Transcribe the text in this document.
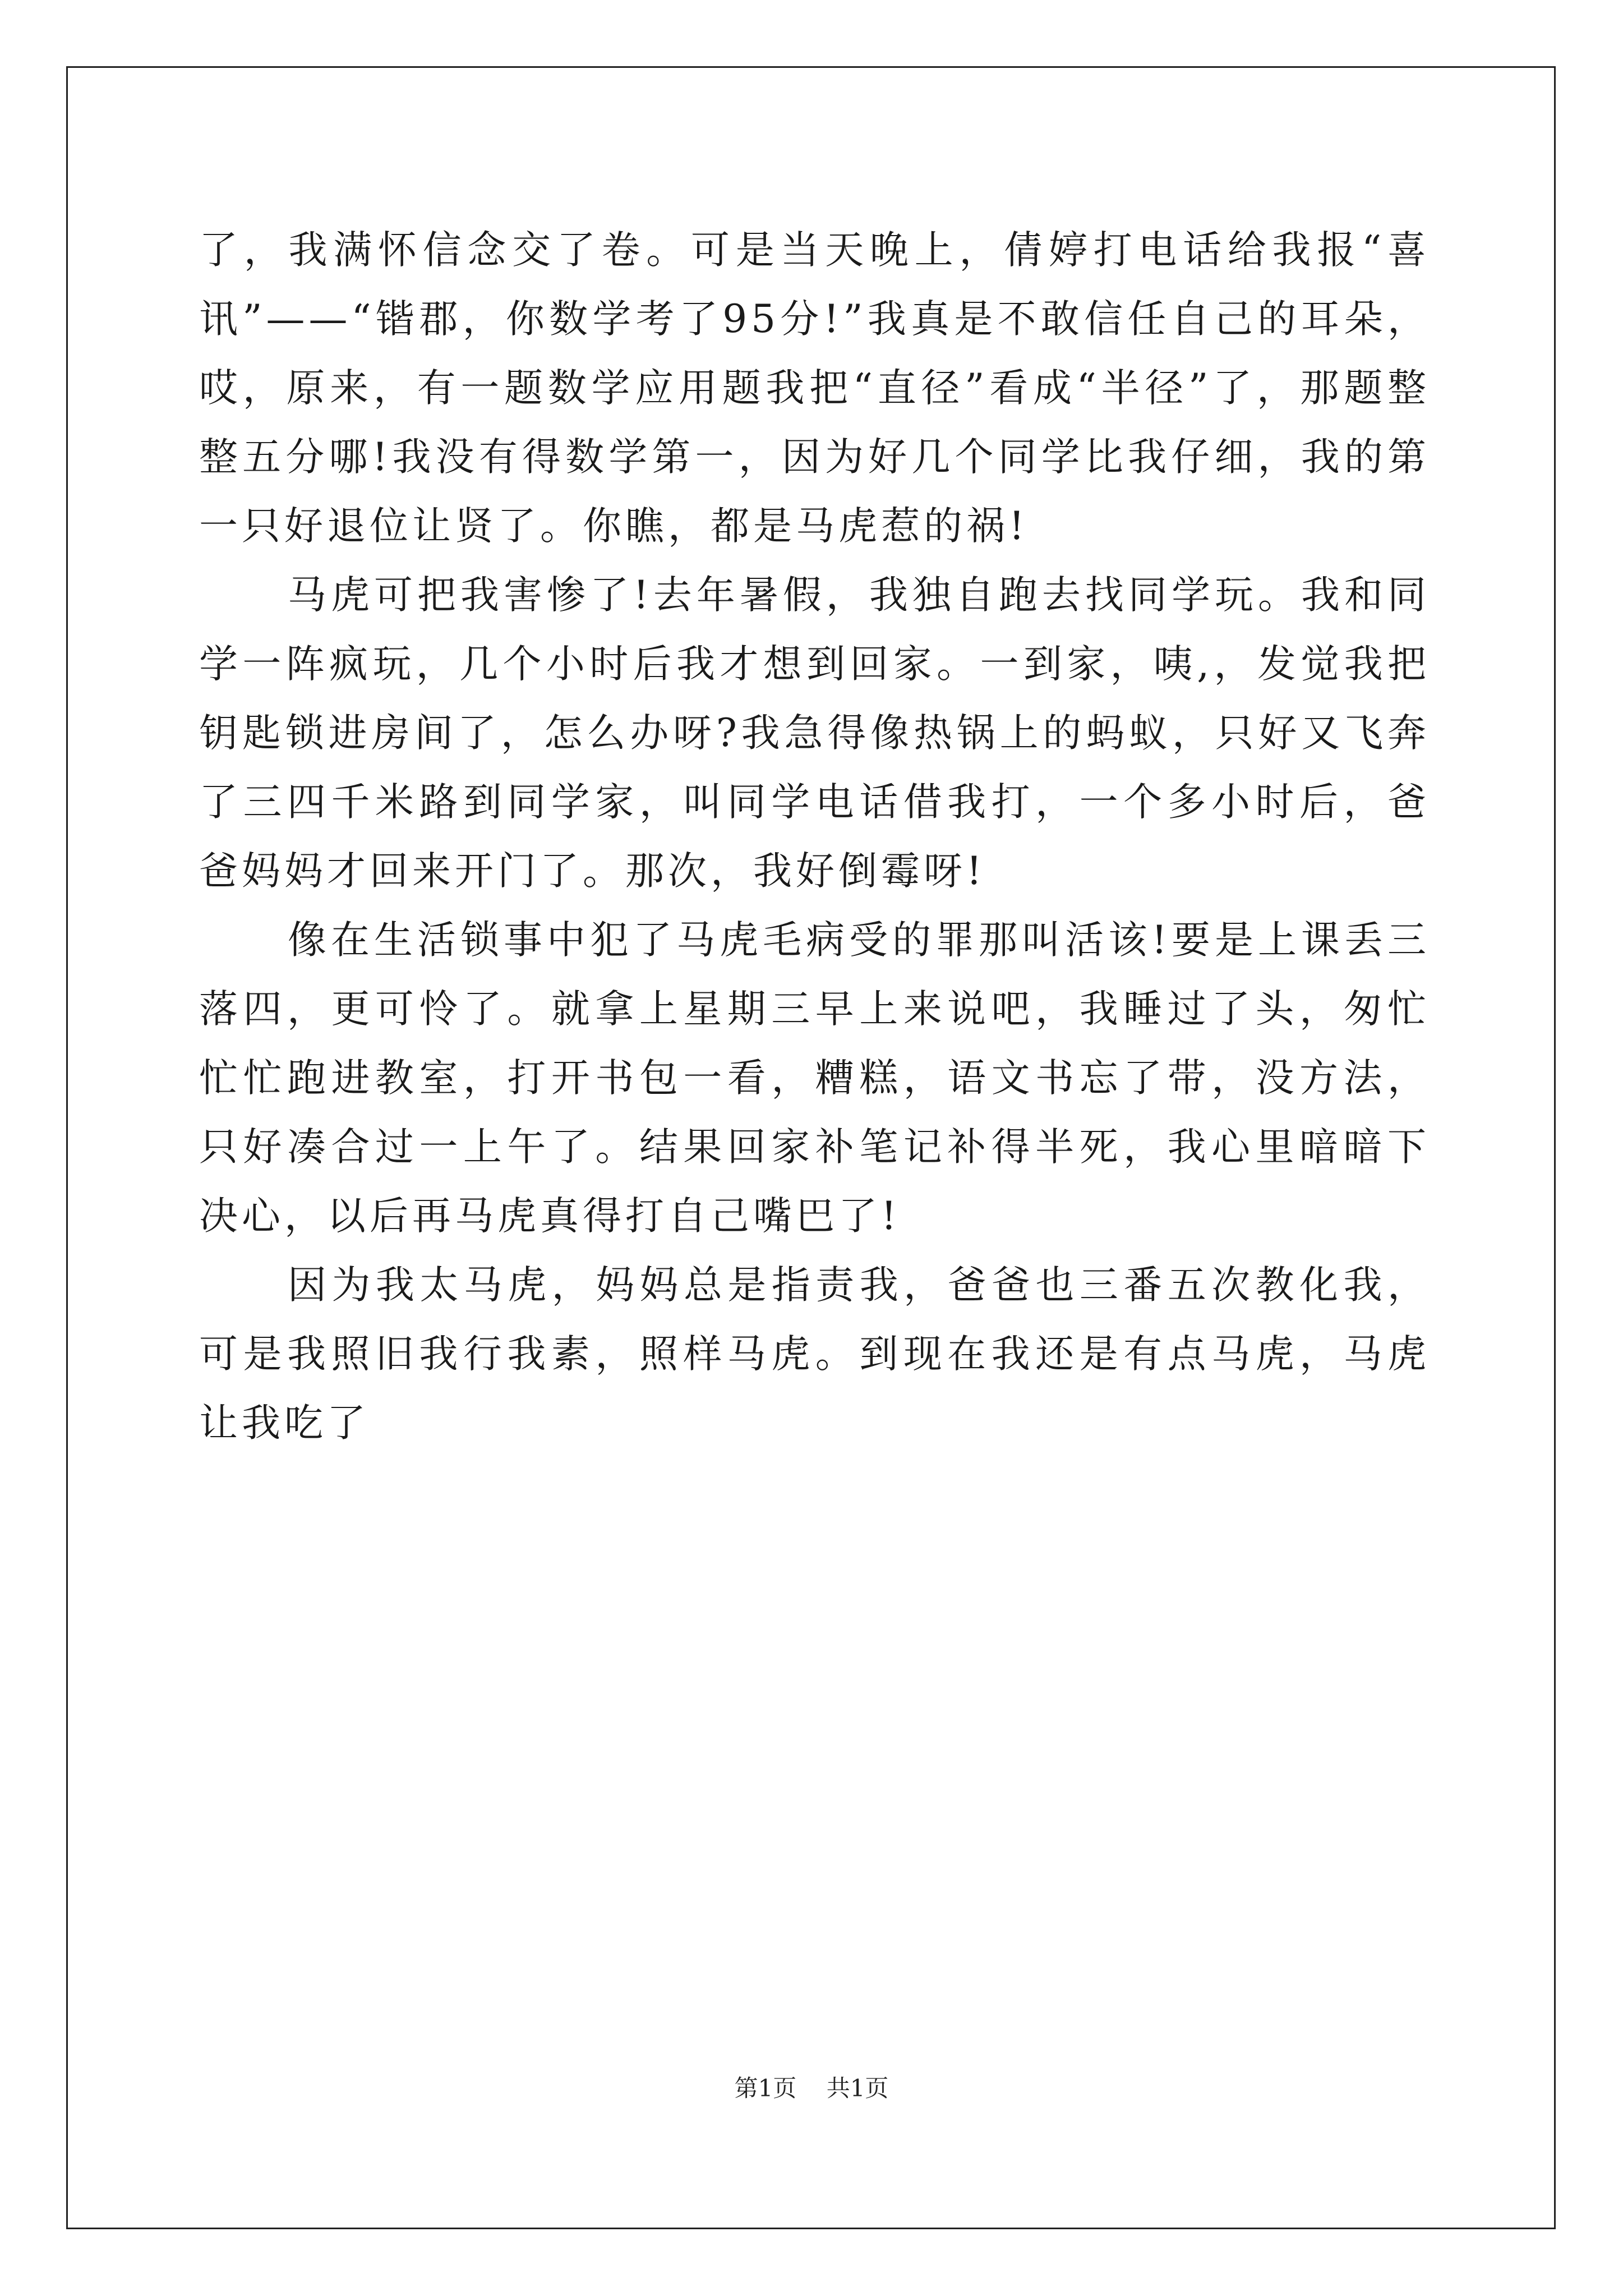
了，我满怀信念交了卷。可是当天晚上，倩婷打电话给我报“喜讯”——“锴郡，你数学考了95分!”我真是不敢信任自己的耳朵，哎，原来，有一题数学应用题我把“直径”看成“半径”了，那题整整五分哪!我没有得数学第一，因为好几个同学比我仔细，我的第一只好退位让贤了。你瞧，都是马虎惹的祸!

马虎可把我害惨了!去年暑假，我独自跑去找同学玩。我和同学一阵疯玩，几个小时后我才想到回家。一到家，咦,，发觉我把钥匙锁进房间了，怎么办呀?我急得像热锅上的蚂蚁，只好又飞奔了三四千米路到同学家，叫同学电话借我打，一个多小时后，爸爸妈妈才回来开门了。那次，我好倒霉呀!

像在生活锁事中犯了马虎毛病受的罪那叫活该!要是上课丢三落四，更可怜了。就拿上星期三早上来说吧，我睡过了头，匆忙忙忙跑进教室，打开书包一看，糟糕，语文书忘了带，没方法，只好凑合过一上午了。结果回家补笔记补得半死，我心里暗暗下决心，以后再马虎真得打自己嘴巴了!

因为我太马虎，妈妈总是指责我，爸爸也三番五次教化我，可是我照旧我行我素，照样马虎。到现在我还是有点马虎，马虎让我吃了

第1页 共1页
